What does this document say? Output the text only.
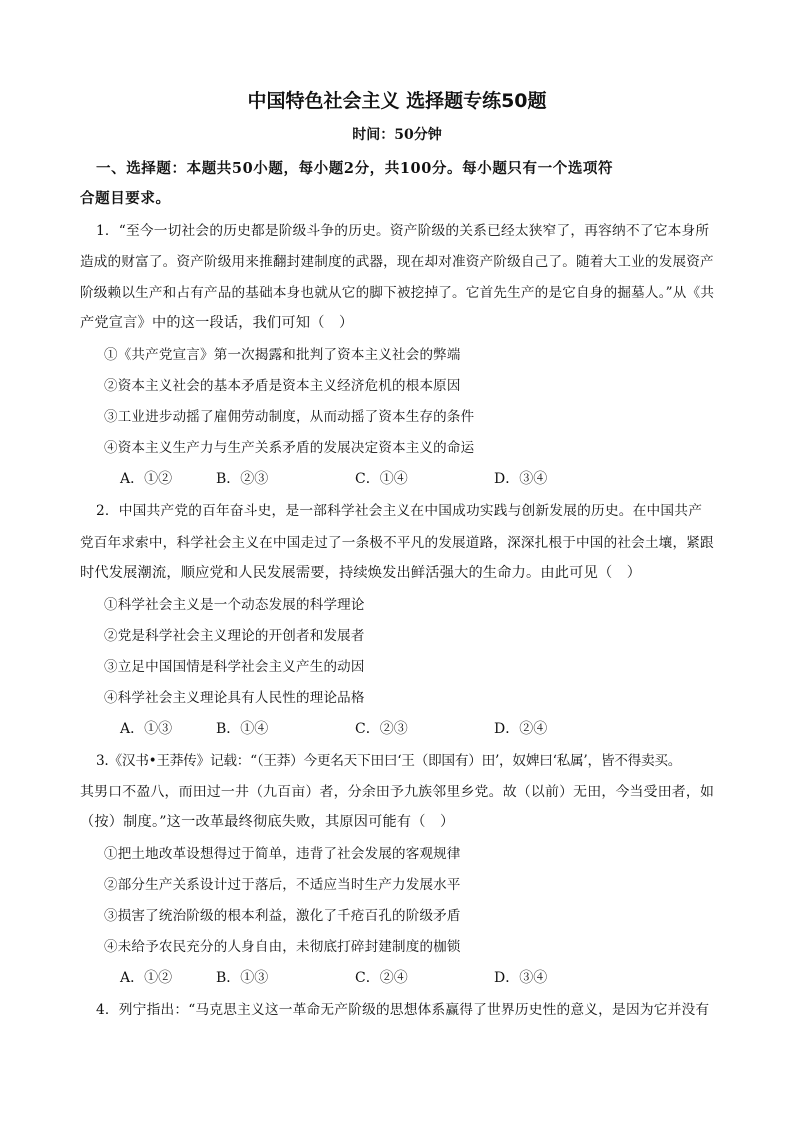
中国特色社会主义 选择题专练50题
时间：50分钟
一、选择题：本题共50小题，每小题2分，共100分。每小题只有一个选项符
合题目要求。
1．“至今一切社会的历史都是阶级斗争的历史。资产阶级的关系已经太狭窄了，再容纳不了它本身所
造成的财富了。资产阶级用来推翻封建制度的武器，现在却对准资产阶级自己了。随着大工业的发展资产
阶级赖以生产和占有产品的基础本身也就从它的脚下被挖掉了。它首先生产的是它自身的掘墓人。”从《共
产党宣言》中的这一段话，我们可知（　）
①《共产党宣言》第一次揭露和批判了资本主义社会的弊端
②资本主义社会的基本矛盾是资本主义经济危机的根本原因
③工业进步动摇了雇佣劳动制度，从而动摇了资本生存的条件
④资本主义生产力与生产关系矛盾的发展决定资本主义的命运
A．①②	B．②③	C．①④	D．③④
2．中国共产党的百年奋斗史，是一部科学社会主义在中国成功实践与创新发展的历史。在中国共产
党百年求索中，科学社会主义在中国走过了一条极不平凡的发展道路，深深扎根于中国的社会土壤，紧跟
时代发展潮流，顺应党和人民发展需要，持续焕发出鲜活强大的生命力。由此可见（　）
①科学社会主义是一个动态发展的科学理论
②党是科学社会主义理论的开创者和发展者
③立足中国国情是科学社会主义产生的动因
④科学社会主义理论具有人民性的理论品格
A．①③	B．①④	C．②③	D．②④
3.《汉书•王莽传》记载：“（王莽）今更名天下田曰‘王（即国有）田’，奴婢曰‘私属’，皆不得卖买。
其男口不盈八，而田过一井（九百亩）者，分余田予九族邻里乡党。故（以前）无田，今当受田者，如
（按）制度。”这一改革最终彻底失败，其原因可能有（　）
①把土地改革设想得过于简单，违背了社会发展的客观规律
②部分生产关系设计过于落后，不适应当时生产力发展水平
③损害了统治阶级的根本利益，激化了千疮百孔的阶级矛盾
④未给予农民充分的人身自由，未彻底打碎封建制度的枷锁
A．①②	B．①③	C．②④	D．③④
4．列宁指出：“马克思主义这一革命无产阶级的思想体系赢得了世界历史性的意义，是因为它并没有
